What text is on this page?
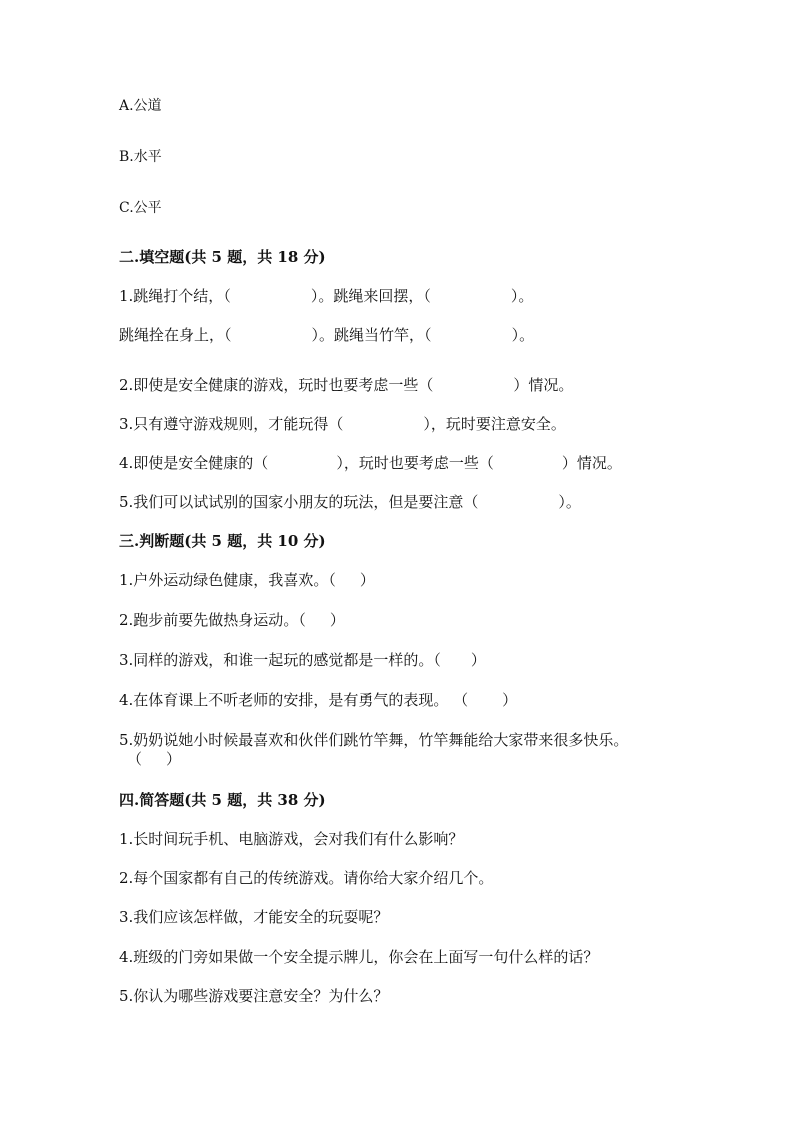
A.公道
B.水平
C.公平
二.填空题(共 5 题，共 18 分)
1.跳绳打个结，（	）。跳绳来回摆，（	）。
跳绳拴在身上，（	）。跳绳当竹竿，（	）。
2.即使是安全健康的游戏，玩时也要考虑一些（	）情况。
3.只有遵守游戏规则，才能玩得（	），玩时要注意安全。
4.即使是安全健康的（	），玩时也要考虑一些（	）情况。
5.我们可以试试别的国家小朋友的玩法，但是要注意（	）。
三.判断题(共 5 题，共 10 分)
1.户外运动绿色健康，我喜欢。（ ）
2.跑步前要先做热身运动。（ ）
3.同样的游戏，和谁一起玩的感觉都是一样的。（ ）
4.在体育课上不听老师的安排，是有勇气的表现。 （ ）
5.奶奶说她小时候最喜欢和伙伴们跳竹竿舞，竹竿舞能给大家带来很多快乐。
（ ）
四.简答题(共 5 题，共 38 分)
1.长时间玩手机、电脑游戏，会对我们有什么影响？
2.每个国家都有自己的传统游戏。请你给大家介绍几个。
3.我们应该怎样做，才能安全的玩耍呢？
4.班级的门旁如果做一个安全提示牌儿，你会在上面写一句什么样的话？
5.你认为哪些游戏要注意安全？为什么？
